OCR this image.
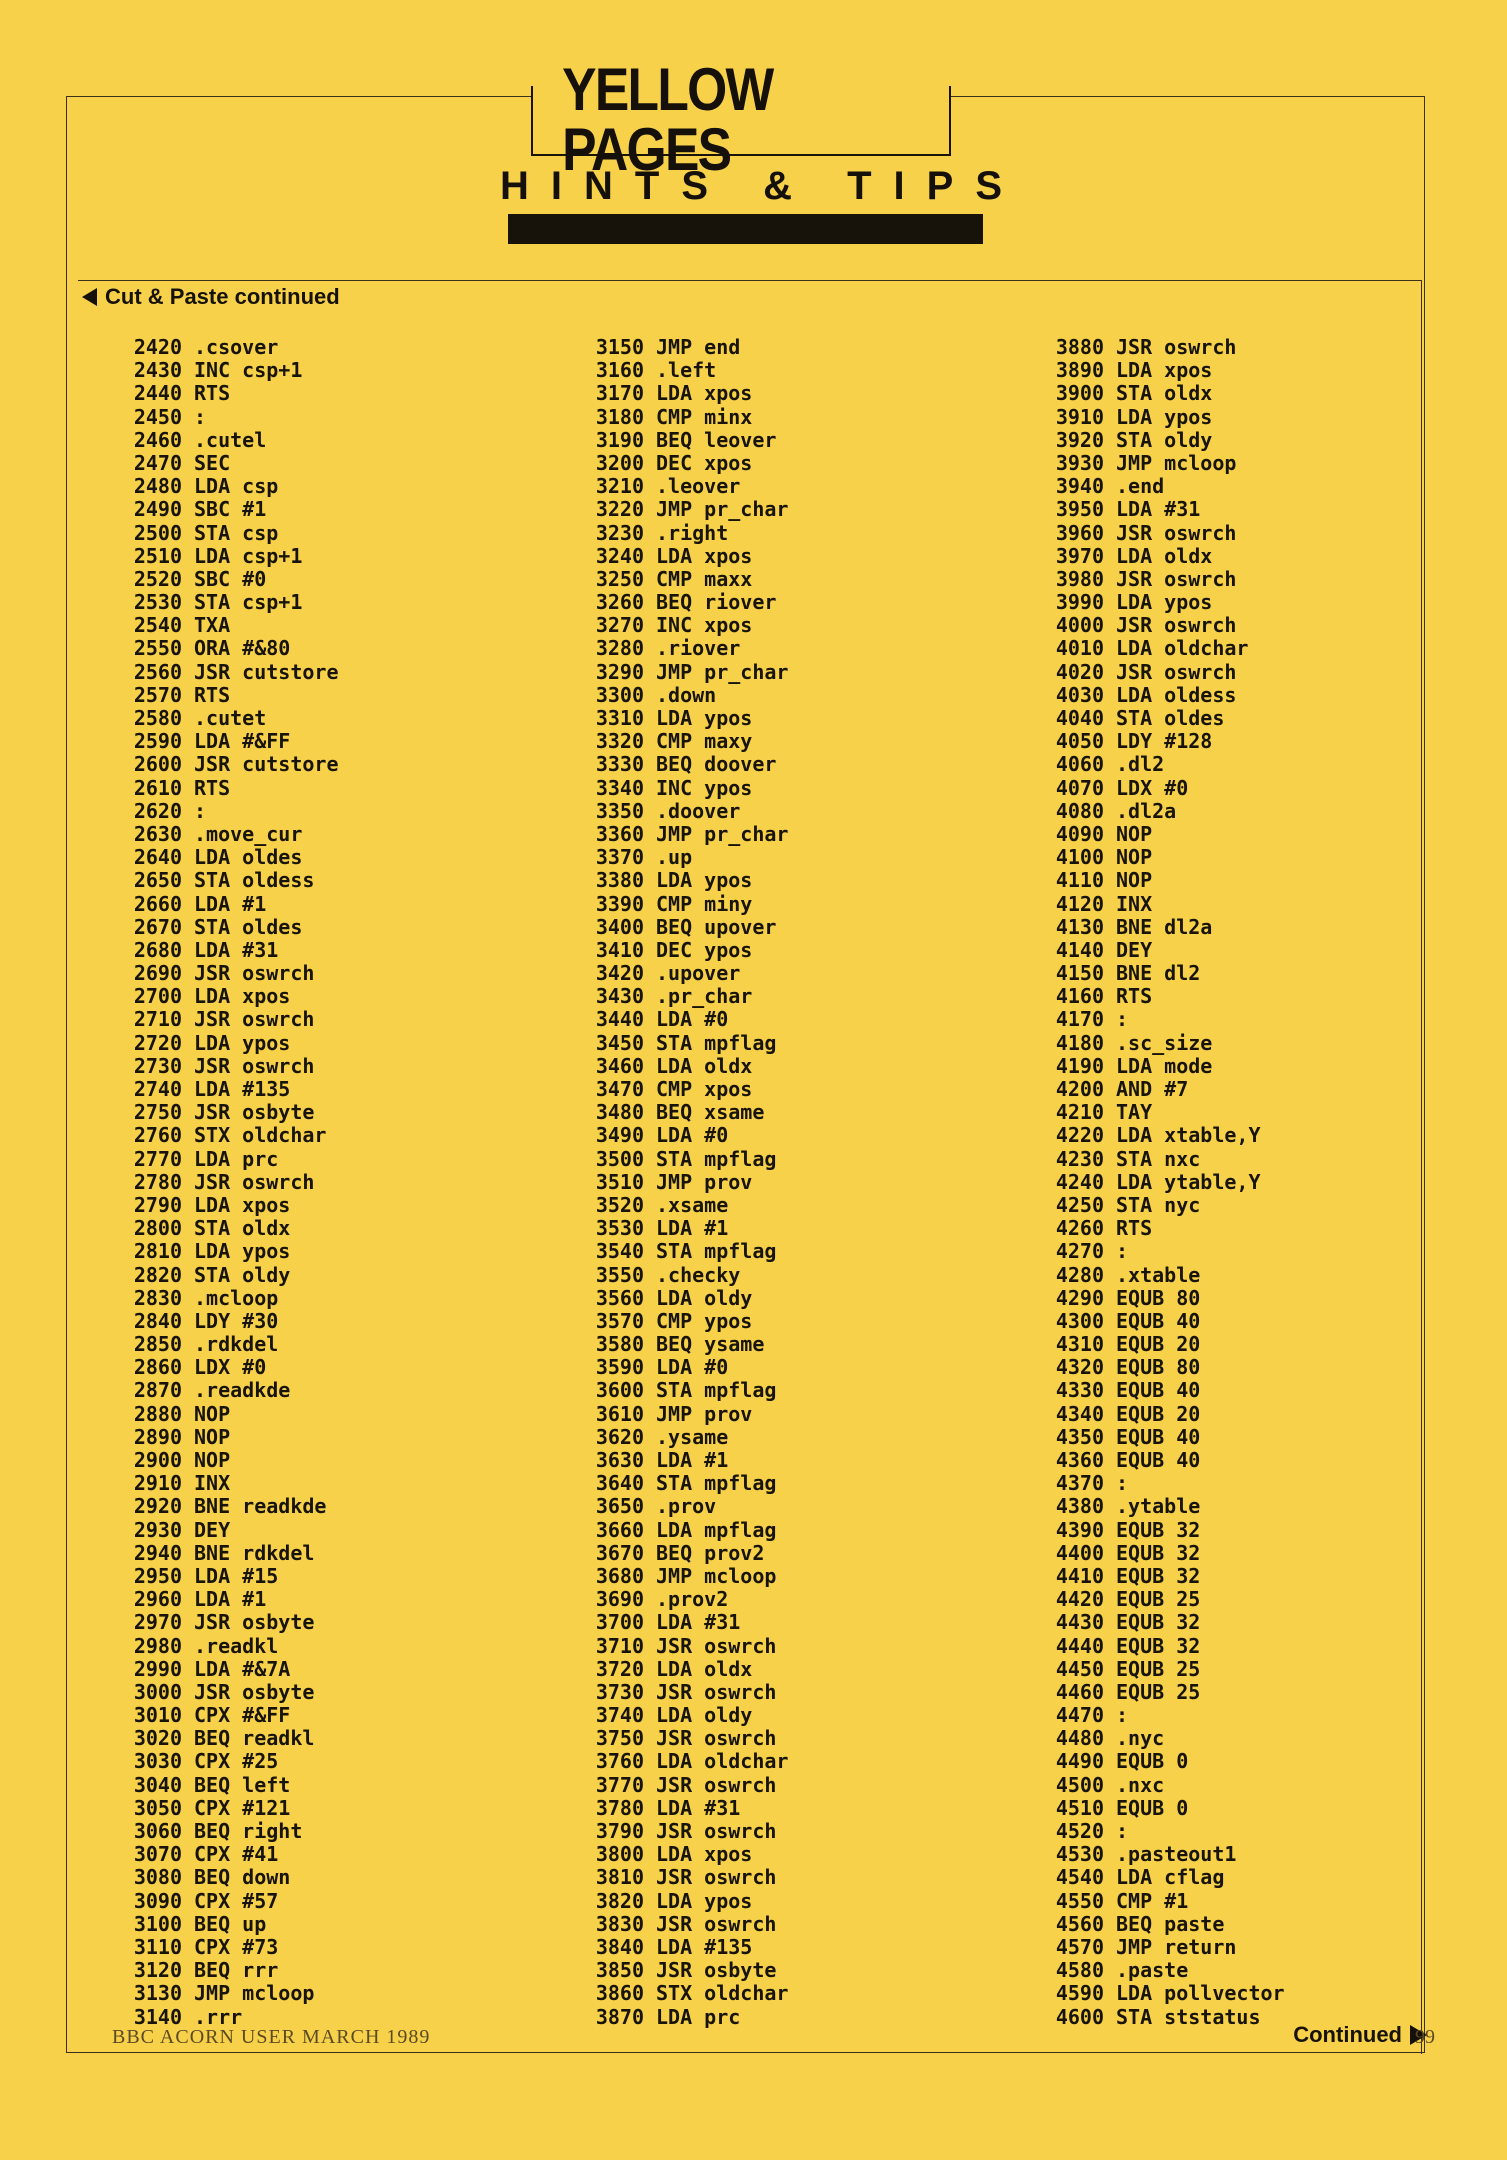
YELLOW PAGES
HINTS & TIPS
Cut & Paste continued
2420 .csover
2430 INC csp+1
2440 RTS
2450 :
2460 .cutel
2470 SEC
2480 LDA csp
2490 SBC #1
2500 STA csp
2510 LDA csp+1
2520 SBC #0
2530 STA csp+1
2540 TXA
2550 ORA #&80
2560 JSR cutstore
2570 RTS
2580 .cutet
2590 LDA #&FF
2600 JSR cutstore
2610 RTS
2620 :
2630 .move_cur
2640 LDA oldes
2650 STA oldess
2660 LDA #1
2670 STA oldes
2680 LDA #31
2690 JSR oswrch
2700 LDA xpos
2710 JSR oswrch
2720 LDA ypos
2730 JSR oswrch
2740 LDA #135
2750 JSR osbyte
2760 STX oldchar
2770 LDA prc
2780 JSR oswrch
2790 LDA xpos
2800 STA oldx
2810 LDA ypos
2820 STA oldy
2830 .mcloop
2840 LDY #30
2850 .rdkdel
2860 LDX #0
2870 .readkde
2880 NOP
2890 NOP
2900 NOP
2910 INX
2920 BNE readkde
2930 DEY
2940 BNE rdkdel
2950 LDA #15
2960 LDA #1
2970 JSR osbyte
2980 .readkl
2990 LDA #&7A
3000 JSR osbyte
3010 CPX #&FF
3020 BEQ readkl
3030 CPX #25
3040 BEQ left
3050 CPX #121
3060 BEQ right
3070 CPX #41
3080 BEQ down
3090 CPX #57
3100 BEQ up
3110 CPX #73
3120 BEQ rrr
3130 JMP mcloop
3140 .rrr
3150 JMP end
3160 .left
3170 LDA xpos
3180 CMP minx
3190 BEQ leover
3200 DEC xpos
3210 .leover
3220 JMP pr_char
3230 .right
3240 LDA xpos
3250 CMP maxx
3260 BEQ riover
3270 INC xpos
3280 .riover
3290 JMP pr_char
3300 .down
3310 LDA ypos
3320 CMP maxy
3330 BEQ doover
3340 INC ypos
3350 .doover
3360 JMP pr_char
3370 .up
3380 LDA ypos
3390 CMP miny
3400 BEQ upover
3410 DEC ypos
3420 .upover
3430 .pr_char
3440 LDA #0
3450 STA mpflag
3460 LDA oldx
3470 CMP xpos
3480 BEQ xsame
3490 LDA #0
3500 STA mpflag
3510 JMP prov
3520 .xsame
3530 LDA #1
3540 STA mpflag
3550 .checky
3560 LDA oldy
3570 CMP ypos
3580 BEQ ysame
3590 LDA #0
3600 STA mpflag
3610 JMP prov
3620 .ysame
3630 LDA #1
3640 STA mpflag
3650 .prov
3660 LDA mpflag
3670 BEQ prov2
3680 JMP mcloop
3690 .prov2
3700 LDA #31
3710 JSR oswrch
3720 LDA oldx
3730 JSR oswrch
3740 LDA oldy
3750 JSR oswrch
3760 LDA oldchar
3770 JSR oswrch
3780 LDA #31
3790 JSR oswrch
3800 LDA xpos
3810 JSR oswrch
3820 LDA ypos
3830 JSR oswrch
3840 LDA #135
3850 JSR osbyte
3860 STX oldchar
3870 LDA prc
3880 JSR oswrch
3890 LDA xpos
3900 STA oldx
3910 LDA ypos
3920 STA oldy
3930 JMP mcloop
3940 .end
3950 LDA #31
3960 JSR oswrch
3970 LDA oldx
3980 JSR oswrch
3990 LDA ypos
4000 JSR oswrch
4010 LDA oldchar
4020 JSR oswrch
4030 LDA oldess
4040 STA oldes
4050 LDY #128
4060 .dl2
4070 LDX #0
4080 .dl2a
4090 NOP
4100 NOP
4110 NOP
4120 INX
4130 BNE dl2a
4140 DEY
4150 BNE dl2
4160 RTS
4170 :
4180 .sc_size
4190 LDA mode
4200 AND #7
4210 TAY
4220 LDA xtable,Y
4230 STA nxc
4240 LDA ytable,Y
4250 STA nyc
4260 RTS
4270 :
4280 .xtable
4290 EQUB 80
4300 EQUB 40
4310 EQUB 20
4320 EQUB 80
4330 EQUB 40
4340 EQUB 20
4350 EQUB 40
4360 EQUB 40
4370 :
4380 .ytable
4390 EQUB 32
4400 EQUB 32
4410 EQUB 32
4420 EQUB 25
4430 EQUB 32
4440 EQUB 32
4450 EQUB 25
4460 EQUB 25
4470 :
4480 .nyc
4490 EQUB 0
4500 .nxc
4510 EQUB 0
4520 :
4530 .pasteout1
4540 LDA cflag
4550 CMP #1
4560 BEQ paste
4570 JMP return
4580 .paste
4590 LDA pollvector
4600 STA ststatus
Continued
BBC ACORN USER MARCH 1989	99
